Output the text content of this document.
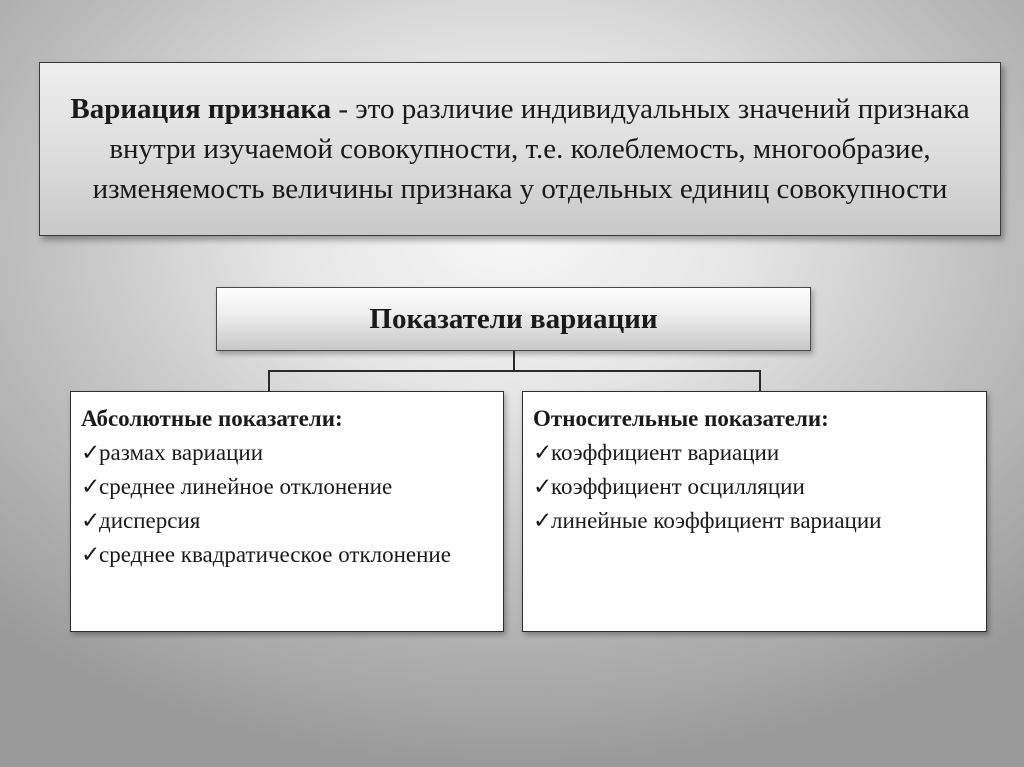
Вариация признака - это различие индивидуальных значений признака внутри изучаемой совокупности, т.е. колеблемость, многообразие, изменяемость величины признака у отдельных единиц совокупности

Показатели вариации
Абсолютные показатели:
✓размах вариации
✓среднее линейное отклонение
✓дисперсия
✓среднее квадратическое отклонение
Относительные показатели:
✓коэффициент вариации
✓коэффициент осцилляции
✓линейные коэффициент вариации
